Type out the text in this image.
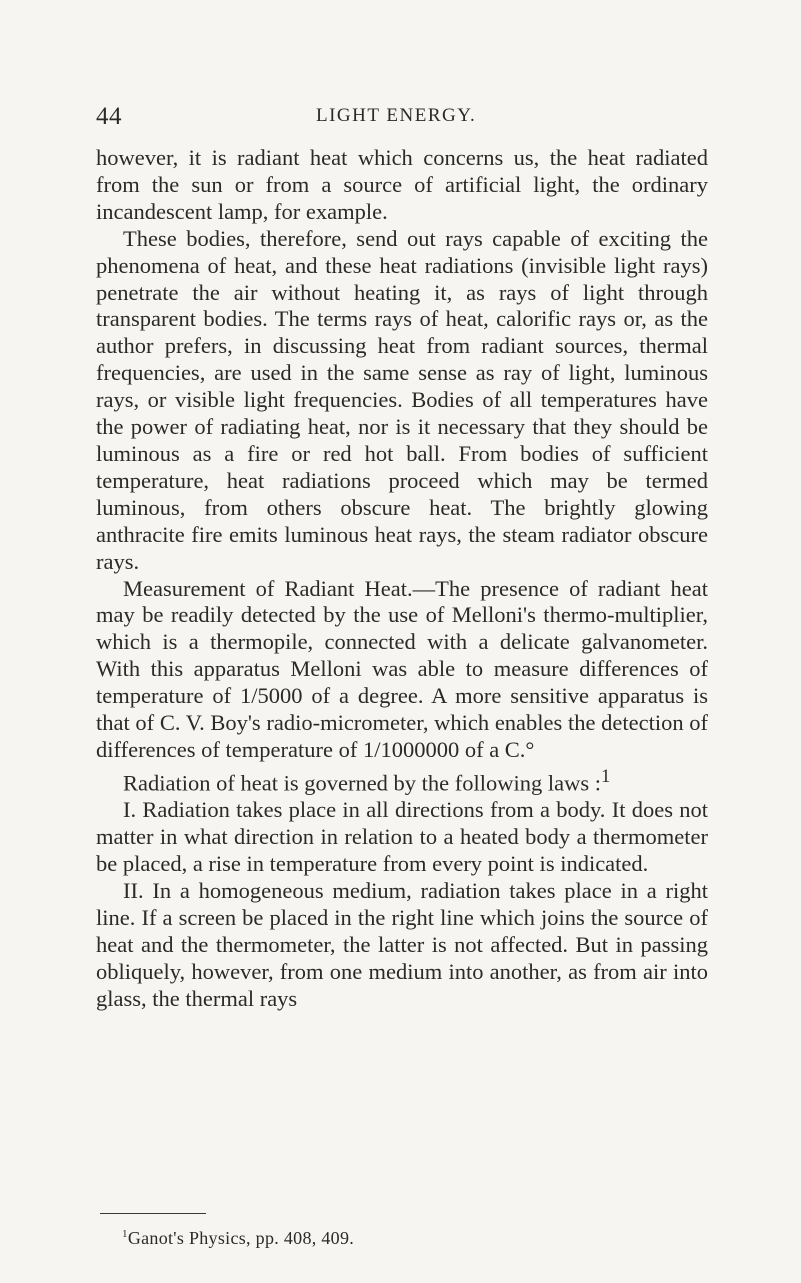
44	LIGHT ENERGY.

however, it is radiant heat which concerns us, the heat radiated from the sun or from a source of artificial light, the ordinary incandescent lamp, for example.

These bodies, therefore, send out rays capable of exciting the phenomena of heat, and these heat radiations (invisible light rays) penetrate the air without heating it, as rays of light through transparent bodies. The terms rays of heat, calorific rays or, as the author prefers, in discussing heat from radiant sources, thermal frequencies, are used in the same sense as ray of light, luminous rays, or visible light frequencies. Bodies of all temperatures have the power of radiating heat, nor is it necessary that they should be luminous as a fire or red hot ball. From bodies of sufficient temperature, heat radiations proceed which may be termed luminous, from others obscure heat. The brightly glowing anthracite fire emits luminous heat rays, the steam radiator obscure rays.

Measurement of Radiant Heat.—The presence of radiant heat may be readily detected by the use of Melloni's thermo-multiplier, which is a thermopile, connected with a delicate galvanometer. With this apparatus Melloni was able to measure differences of temperature of 1/5000 of a degree. A more sensitive apparatus is that of C. V. Boy's radio-micrometer, which enables the detection of differences of temperature of 1/1000000 of a C.°

Radiation of heat is governed by the following laws :$^1$

I. Radiation takes place in all directions from a body. It does not matter in what direction in relation to a heated body a thermometer be placed, a rise in temperature from every point is indicated.

II. In a homogeneous medium, radiation takes place in a right line. If a screen be placed in the right line which joins the source of heat and the thermometer, the latter is not affected. But in passing obliquely, however, from one medium into another, as from air into glass, the thermal rays

$^1$Ganot's Physics, pp. 408, 409.
